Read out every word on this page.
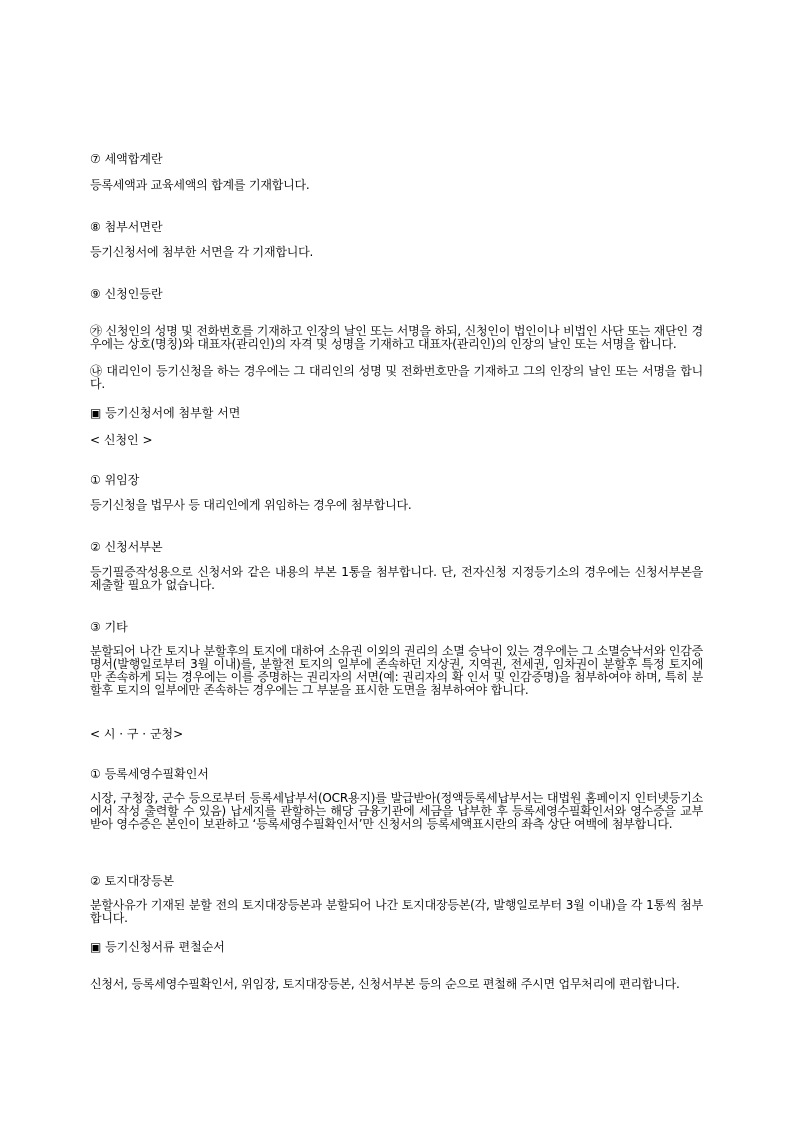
⑦ 세액합계란
등록세액과 교육세액의 합계를 기재합니다.
⑧ 첨부서면란
등기신청서에 첨부한 서면을 각 기재합니다.
⑨ 신청인등란
㉮ 신청인의 성명 및 전화번호를 기재하고 인장의 날인 또는 서명을 하되, 신청인이 법인이나 비법인 사단 또는 재단인 경우에는 상호(명칭)와 대표자(관리인)의 자격 및 성명을 기재하고 대표자(관리인)의 인장의 날인 또는 서명을 합니다.
㉯ 대리인이 등기신청을 하는 경우에는 그 대리인의 성명 및 전화번호만을 기재하고 그의 인장의 날인 또는 서명을 합니다.
▣ 등기신청서에 첨부할 서면
< 신청인 >
① 위임장
등기신청을 법무사 등 대리인에게 위임하는 경우에 첨부합니다.
② 신청서부본
등기필증작성용으로 신청서와 같은 내용의 부본 1통을 첨부합니다. 단, 전자신청 지정등기소의 경우에는 신청서부본을 제출할 필요가 없습니다.
③ 기타
분할되어 나간 토지나 분할후의 토지에 대하여 소유권 이외의 권리의 소멸 승낙이 있는 경우에는 그 소멸승낙서와 인감증명서(발행일로부터 3월 이내)를, 분할전 토지의 일부에 존속하던 지상권, 지역권, 전세권, 임차권이 분할후 특정 토지에만 존속하게 되는 경우에는 이를 증명하는 권리자의 서면(예: 권리자의 확 인서 및 인감증명)을 첨부하여야 하며, 특히 분할후 토지의 일부에만 존속하는 경우에는 그 부분을 표시한 도면을 첨부하여야 합니다.
< 시 · 구 · 군청>
① 등록세영수필확인서
시장, 구청장, 군수 등으로부터 등록세납부서(OCR용지)를 발급받아(정액등록세납부서는 대법원 홈페이지 인터넷등기소에서 작성 출력할 수 있음) 납세지를 관할하는 해당 금융기관에 세금을 납부한 후 등록세영수필확인서와 영수증을 교부받아 영수증은 본인이 보관하고 ‘등록세영수필확인서’만 신청서의 등록세액표시란의 좌측 상단 여백에 첨부합니다.
② 토지대장등본
분할사유가 기재된 분할 전의 토지대장등본과 분할되어 나간 토지대장등본(각, 발행일로부터 3월 이내)을 각 1통씩 첨부합니다.
▣ 등기신청서류 편철순서
신청서, 등록세영수필확인서, 위임장, 토지대장등본, 신청서부본 등의 순으로 편철해 주시면 업무처리에 편리합니다.
